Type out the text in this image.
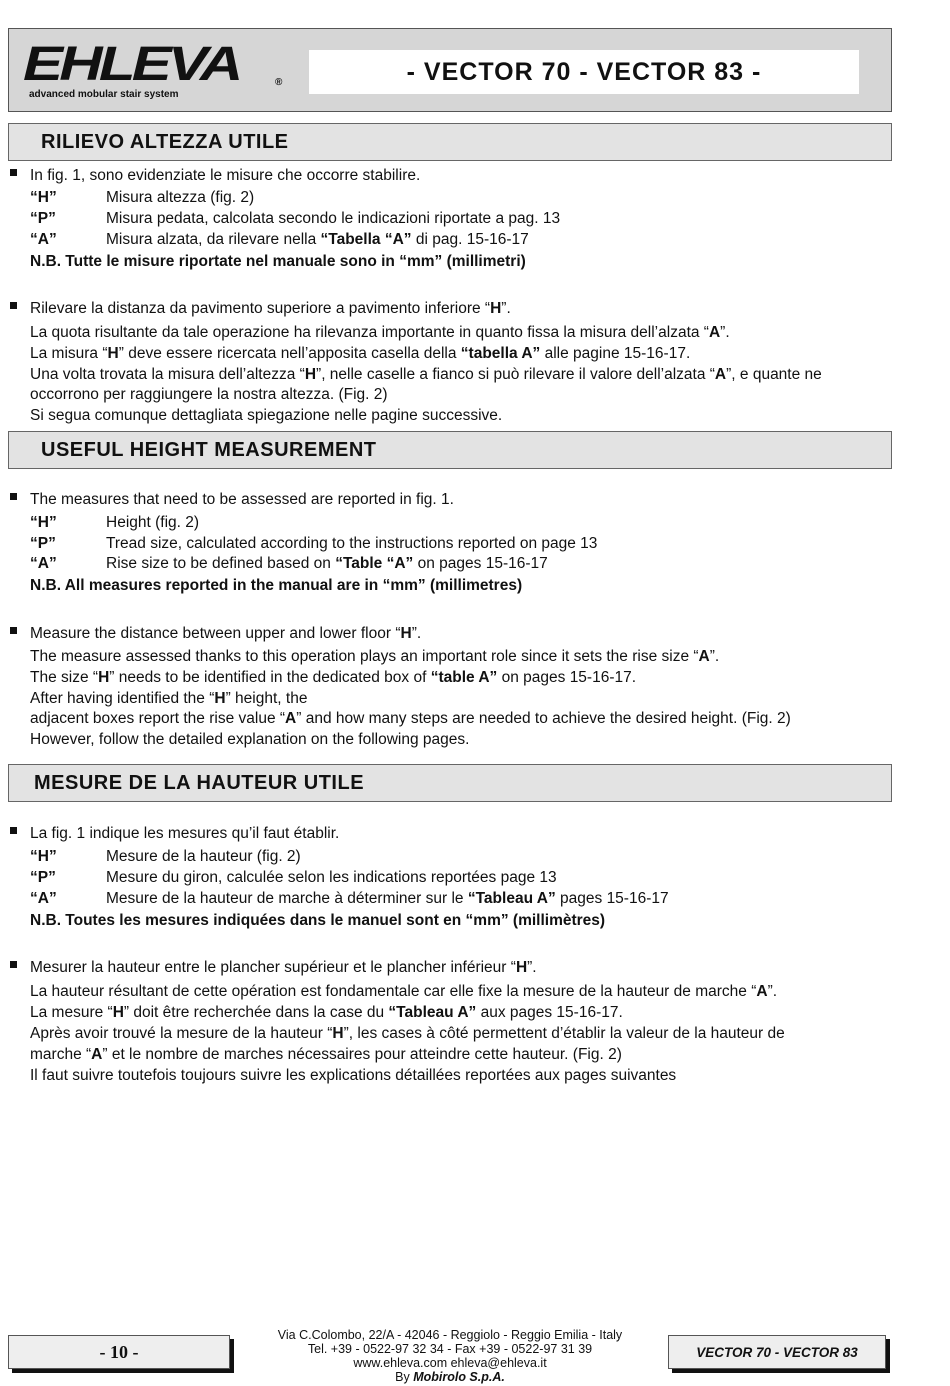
EHLEVA	®
advanced mobular stair system
- VECTOR 70 - VECTOR 83 -
RILIEVO ALTEZZA UTILE
In fig. 1, sono evidenziate le misure che occorre stabilire.
“H”	Misura altezza (fig. 2)
“P”	Misura pedata, calcolata secondo le indicazioni riportate a pag. 13
“A”	Misura alzata, da rilevare nella “Tabella “A” di pag. 15-16-17
N.B. Tutte le misure riportate nel manuale sono in “mm” (millimetri)
Rilevare la distanza da pavimento superiore a pavimento inferiore “H”.
La quota risultante da tale operazione ha rilevanza importante in quanto fissa la misura dell’alzata “A”.
La misura “H” deve essere ricercata nell’apposita casella della “tabella A” alle pagine 15-16-17.
Una volta trovata la misura dell’altezza “H”, nelle caselle a fianco si può rilevare il valore dell’alzata “A”, e quante ne
occorrono per raggiungere la nostra altezza. (Fig. 2)
Si segua comunque dettagliata spiegazione nelle pagine successive.
USEFUL HEIGHT MEASUREMENT
The measures that need to be assessed are reported in fig. 1.
“H”	Height (fig. 2)
“P”	Tread size, calculated according to the instructions reported on page 13
“A”	Rise size to be defined based on “Table “A” on pages 15-16-17
N.B. All measures reported in the manual are in “mm” (millimetres)
Measure the distance between upper and lower floor “H”.
The measure assessed thanks to this operation plays an important role since it sets the rise size “A”.
The size “H” needs to be identified in the dedicated box of “table A” on pages 15-16-17.
After having identified the “H” height, the
adjacent boxes report the rise value “A” and how many steps are needed to achieve the desired height. (Fig. 2)
However, follow the detailed explanation on the following pages.
MESURE DE LA HAUTEUR UTILE
La fig. 1 indique les mesures qu’il faut établir.
“H”	Mesure de la hauteur (fig. 2)
“P”	Mesure du giron, calculée selon les indications reportées page 13
“A”	Mesure de la hauteur de marche à déterminer sur le “Tableau A” pages 15-16-17
N.B. Toutes les mesures indiquées dans le manuel sont en “mm” (millimètres)
Mesurer la hauteur entre le plancher supérieur et le plancher inférieur “H”.
La hauteur résultant de cette opération est fondamentale car elle fixe la mesure de la hauteur de marche “A”.
La mesure “H” doit être recherchée dans la case du “Tableau A” aux pages 15-16-17.
Après avoir trouvé la mesure de la hauteur “H”, les cases à côté permettent d’établir la valeur de la hauteur de
marche “A” et le nombre de marches nécessaires pour atteindre cette hauteur. (Fig. 2)
Il faut suivre toutefois toujours suivre les explications détaillées reportées aux pages suivantes
- 10 -
Via C.Colombo, 22/A - 42046 - Reggiolo - Reggio Emilia - Italy
Tel. +39 - 0522-97 32 34 - Fax +39 - 0522-97 31 39
www.ehleva.com ehleva@ehleva.it
By Mobirolo S.p.A.
VECTOR 70 - VECTOR 83
